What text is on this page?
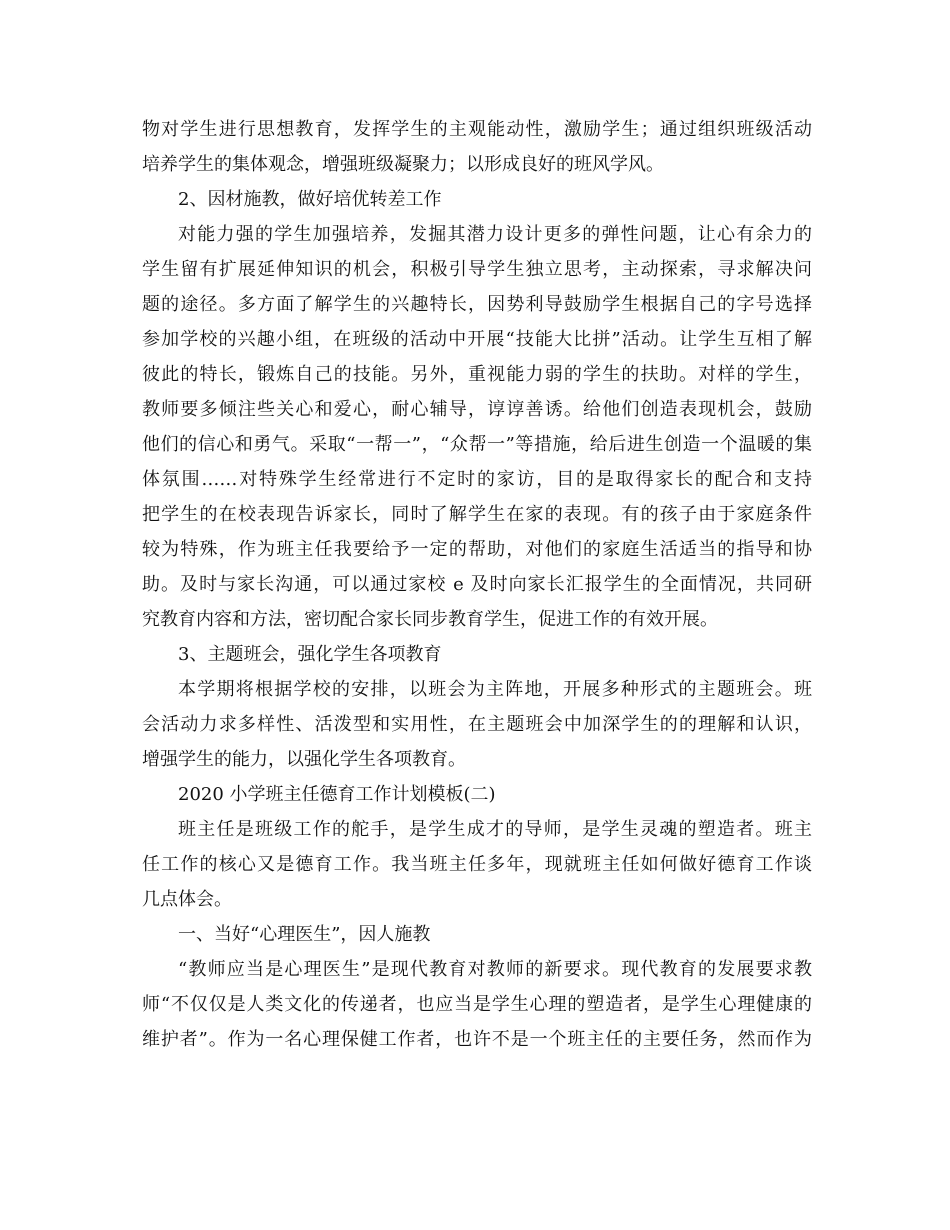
物对学生进行思想教育，发挥学生的主观能动性，激励学生；通过组织班级活动
培养学生的集体观念，增强班级凝聚力；以形成良好的班风学风。
2、因材施教，做好培优转差工作
对能力强的学生加强培养，发掘其潜力设计更多的弹性问题，让心有余力的
学生留有扩展延伸知识的机会，积极引导学生独立思考，主动探索，寻求解决问
题的途径。多方面了解学生的兴趣特长，因势利导鼓励学生根据自己的字号选择
参加学校的兴趣小组，在班级的活动中开展“技能大比拼”活动。让学生互相了解
彼此的特长，锻炼自己的技能。另外，重视能力弱的学生的扶助。对样的学生，
教师要多倾注些关心和爱心，耐心辅导，谆谆善诱。给他们创造表现机会，鼓励
他们的信心和勇气。采取“一帮一”，“众帮一”等措施，给后进生创造一个温暖的集
体氛围……对特殊学生经常进行不定时的家访，目的是取得家长的配合和支持
把学生的在校表现告诉家长，同时了解学生在家的表现。有的孩子由于家庭条件
较为特殊，作为班主任我要给予一定的帮助，对他们的家庭生活适当的指导和协
助。及时与家长沟通，可以通过家校 e 及时向家长汇报学生的全面情况，共同研
究教育内容和方法，密切配合家长同步教育学生，促进工作的有效开展。
3、主题班会，强化学生各项教育
本学期将根据学校的安排，以班会为主阵地，开展多种形式的主题班会。班
会活动力求多样性、活泼型和实用性，在主题班会中加深学生的的理解和认识，
增强学生的能力，以强化学生各项教育。
2020 小学班主任德育工作计划模板(二)
班主任是班级工作的舵手，是学生成才的导师，是学生灵魂的塑造者。班主
任工作的核心又是德育工作。我当班主任多年，现就班主任如何做好德育工作谈
几点体会。
一、当好“心理医生”，因人施教
“教师应当是心理医生”是现代教育对教师的新要求。现代教育的发展要求教
师“不仅仅是人类文化的传递者，也应当是学生心理的塑造者，是学生心理健康的
维护者”。作为一名心理保健工作者，也许不是一个班主任的主要任务，然而作为
